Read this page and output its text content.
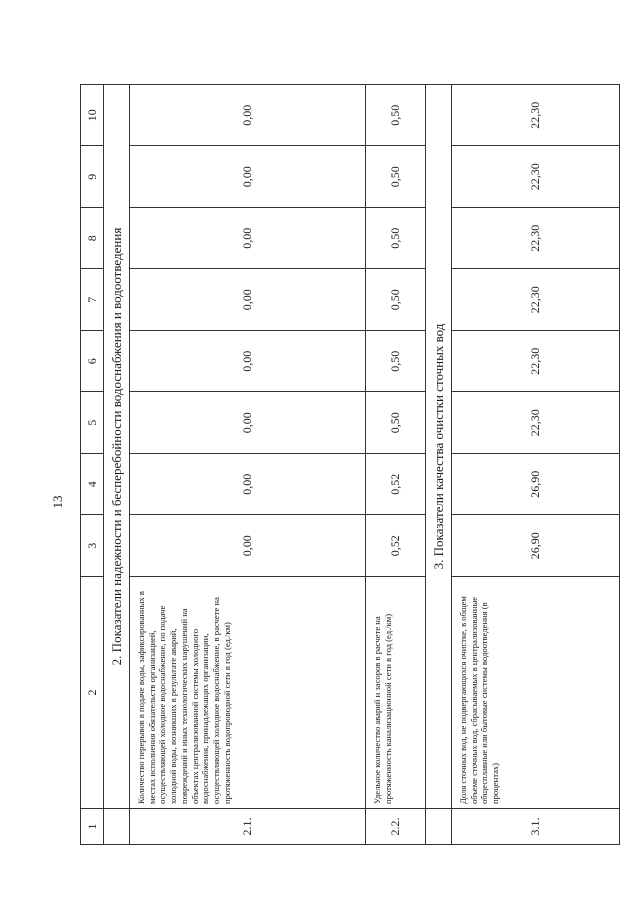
13
1	2	3	4	5	6	7	8	9	10
	2. Показатели надежности и бесперебойности водоснабжения и водоотведения								
2.1.	Количество перерывов в подаче воды, зафиксированных в местах исполнения обязательств организацией, осуществляющей холодное водоснабжение, по подаче холодной воды, возникших в результате аварий, повреждений и иных технологических нарушений на объектах централизованной системы холодного водоснабжения, принадлежащих организации, осуществляющей холодное водоснабжение, в расчете на протяженность водопроводной сети в год (ед./км)	0,00	0,00	0,00	0,00	0,00	0,00	0,00	0,00
2.2.	Удельное количество аварий и засоров в расчете на протяженность канализационной сети в год (ед./км)	0,52	0,52	0,50	0,50	0,50	0,50	0,50	0,50
	3. Показатели качества очистки сточных вод								
3.1.	Доля сточных вод, не подвергающихся очистке, в общем объеме сточных вод, сбрасываемых в централизованные общесплавные или бытовые системы водоотведения (в процентах)	26,90	26,90	22,30	22,30	22,30	22,30	22,30	22,30
